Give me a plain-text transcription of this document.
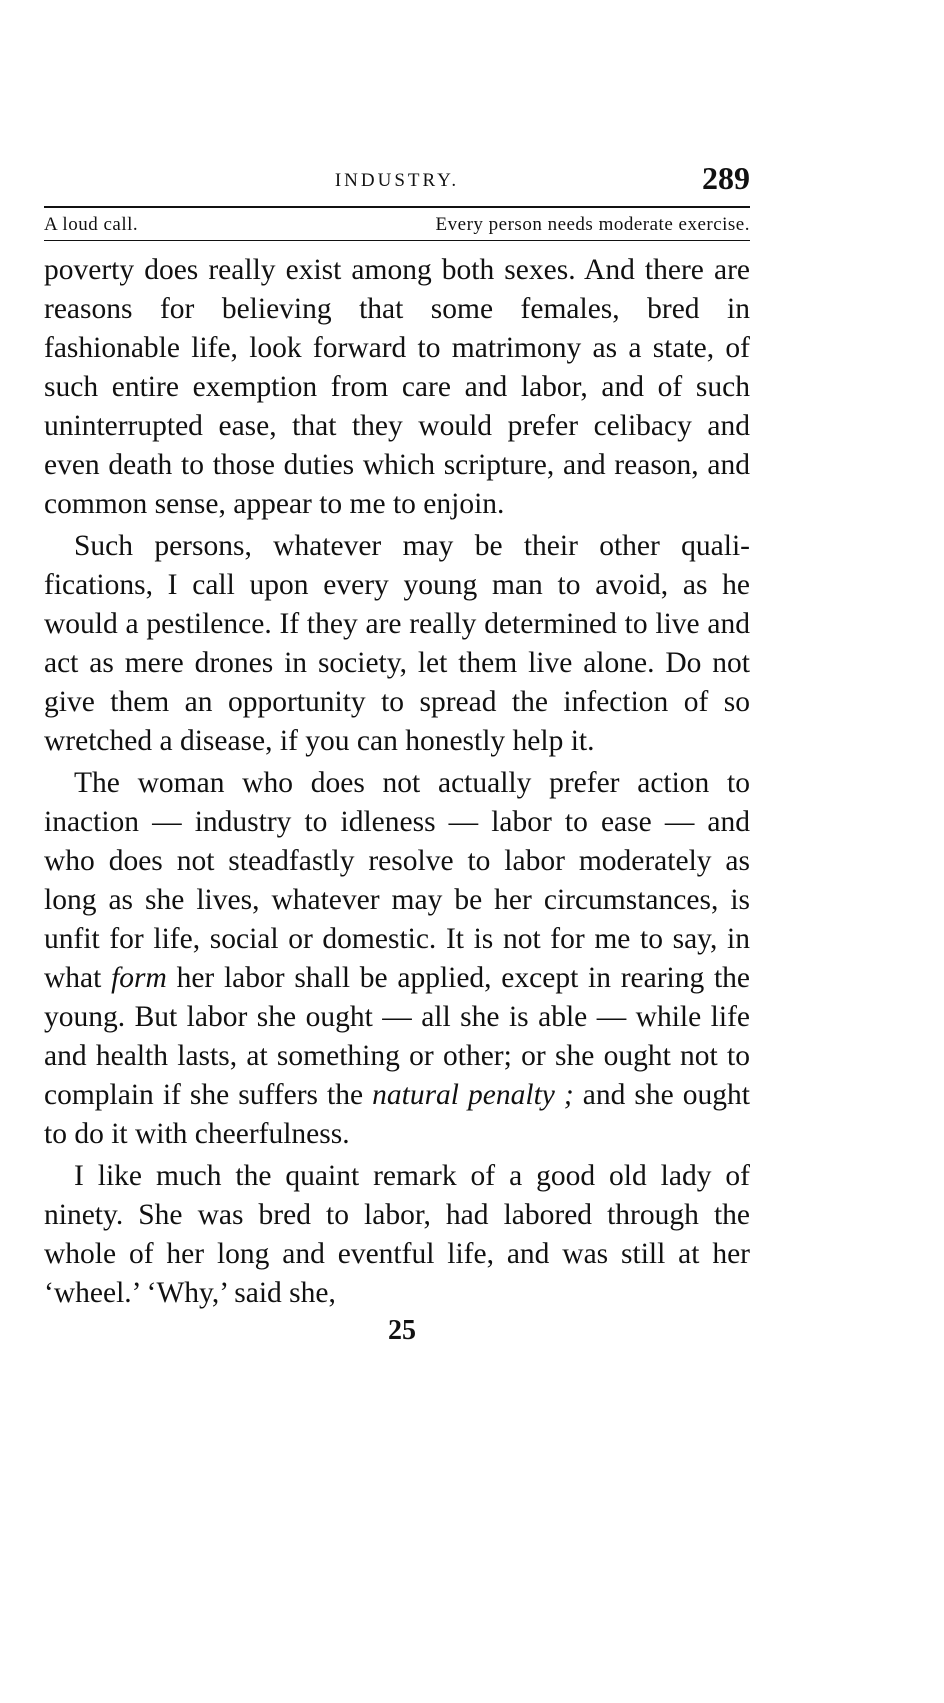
INDUSTRY.	289
A loud call.	Every person needs moderate exercise.

poverty does really exist among both sexes. And there are reasons for believing that some females, bred in fashionable life, look forward to matrimony as a state, of such entire exemption from care and labor, and of such uninterrupted ease, that they would prefer celibacy and even death to those duties which scripture, and reason, and common sense, appear to me to enjoin.

Such persons, whatever may be their other qualifications, I call upon every young man to avoid, as he would a pestilence. If they are really determined to live and act as mere drones in society, let them live alone. Do not give them an opportunity to spread the infection of so wretched a disease, if you can honestly help it.

The woman who does not actually prefer action to inaction — industry to idleness — labor to ease — and who does not steadfastly resolve to labor moderately as long as she lives, whatever may be her circumstances, is unfit for life, social or domestic. It is not for me to say, in what form her labor shall be applied, except in rearing the young. But labor she ought — all she is able — while life and health lasts, at something or other; or she ought not to complain if she suffers the natural penalty ; and she ought to do it with cheerfulness.

I like much the quaint remark of a good old lady of ninety. She was bred to labor, had labored through the whole of her long and eventful life, and was still at her ‘wheel.’ ‘Why,’ said she,

25
